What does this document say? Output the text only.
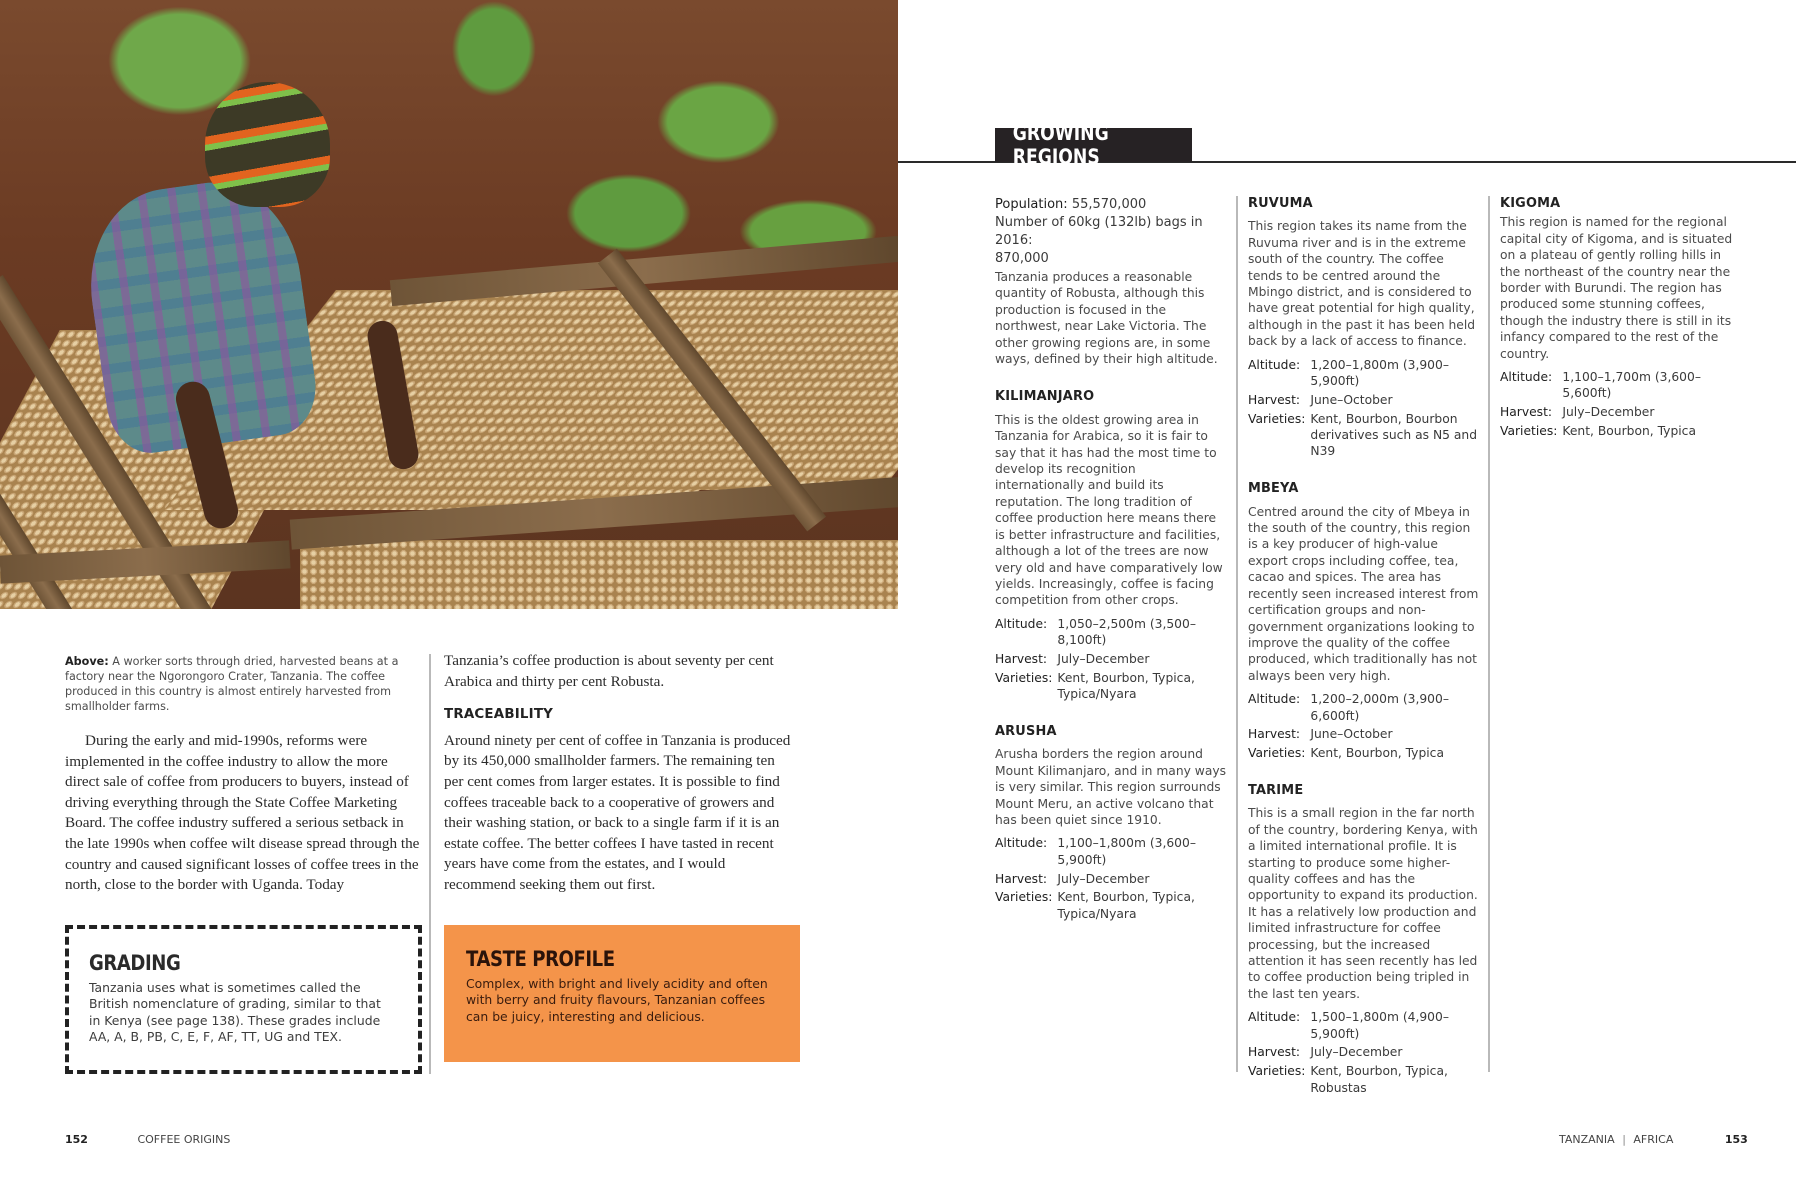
Above: A worker sorts through dried, harvested beans at a factory near the Ngorongoro Crater, Tanzania. The coffee produced in this country is almost entirely harvested from smallholder farms.

During the early and mid-1990s, reforms were implemented in the coffee industry to allow the more direct sale of coffee from producers to buyers, instead of driving everything through the State Coffee Marketing Board. The coffee industry suffered a serious setback in the late 1990s when coffee wilt disease spread through the country and caused significant losses of coffee trees in the north, close to the border with Uganda. Today

Tanzania’s coffee production is about seventy per cent Arabica and thirty per cent Robusta.

TRACEABILITY

Around ninety per cent of coffee in Tanzania is produced by its 450,000 smallholder farmers. The remaining ten per cent comes from larger estates. It is possible to find coffees traceable back to a cooperative of growers and their washing station, or back to a single farm if it is an estate coffee. The better coffees I have tasted in recent years have come from the estates, and I would recommend seeking them out first.

GRADING
Tanzania uses what is sometimes called the British nomenclature of grading, similar to that in Kenya (see page 138). These grades include AA, A, B, PB, C, E, F, AF, TT, UG and TEX.
TASTE PROFILE
Complex, with bright and lively acidity and often with berry and fruity flavours, Tanzanian coffees can be juicy, interesting and delicious.
152	COFFEE ORIGINS
GROWING REGIONS
Population: 55,570,000
Number of 60kg (132lb) bags in 2016:
870,000
Tanzania produces a reasonable quantity of Robusta, although this production is focused in the northwest, near Lake Victoria. The other growing regions are, in some ways, defined by their high altitude.
KILIMANJARO
This is the oldest growing area in Tanzania for Arabica, so it is fair to say that it has had the most time to develop its recognition internationally and build its reputation. The long tradition of coffee production here means there is better infrastructure and facilities, although a lot of the trees are now very old and have comparatively low yields. Increasingly, coffee is facing competition from other crops.
Altitude:	1,050–2,500m (3,500–8,100ft)
Harvest:	July–December
Varieties:	Kent, Bourbon, Typica, Typica/Nyara
ARUSHA
Arusha borders the region around Mount Kilimanjaro, and in many ways is very similar. This region surrounds Mount Meru, an active volcano that has been quiet since 1910.
Altitude:	1,100–1,800m (3,600–5,900ft)
Harvest:	July–December
Varieties:	Kent, Bourbon, Typica, Typica/Nyara
RUVUMA
This region takes its name from the Ruvuma river and is in the extreme south of the country. The coffee tends to be centred around the Mbingo district, and is considered to have great potential for high quality, although in the past it has been held back by a lack of access to finance.
Altitude:	1,200–1,800m (3,900–5,900ft)
Harvest:	June–October
Varieties:	Kent, Bourbon, Bourbon derivatives such as N5 and N39
MBEYA
Centred around the city of Mbeya in the south of the country, this region is a key producer of high-value export crops including coffee, tea, cacao and spices. The area has recently seen increased interest from certification groups and non-government organizations looking to improve the quality of the coffee produced, which traditionally has not always been very high.
Altitude:	1,200–2,000m (3,900–6,600ft)
Harvest:	June–October
Varieties:	Kent, Bourbon, Typica
TARIME
This is a small region in the far north of the country, bordering Kenya, with a limited international profile. It is starting to produce some higher-quality coffees and has the opportunity to expand its production. It has a relatively low production and limited infrastructure for coffee processing, but the increased attention it has seen recently has led to coffee production being tripled in the last ten years.
Altitude:	1,500–1,800m (4,900–5,900ft)
Harvest:	July–December
Varieties:	Kent, Bourbon, Typica, Robustas
KIGOMA
This region is named for the regional capital city of Kigoma, and is situated on a plateau of gently rolling hills in the northeast of the country near the border with Burundi. The region has produced some stunning coffees, though the industry there is still in its infancy compared to the rest of the country.
Altitude:	1,100–1,700m (3,600–5,600ft)
Harvest:	July–December
Varieties:	Kent, Bourbon, Typica
TANZANIA | AFRICA	153
